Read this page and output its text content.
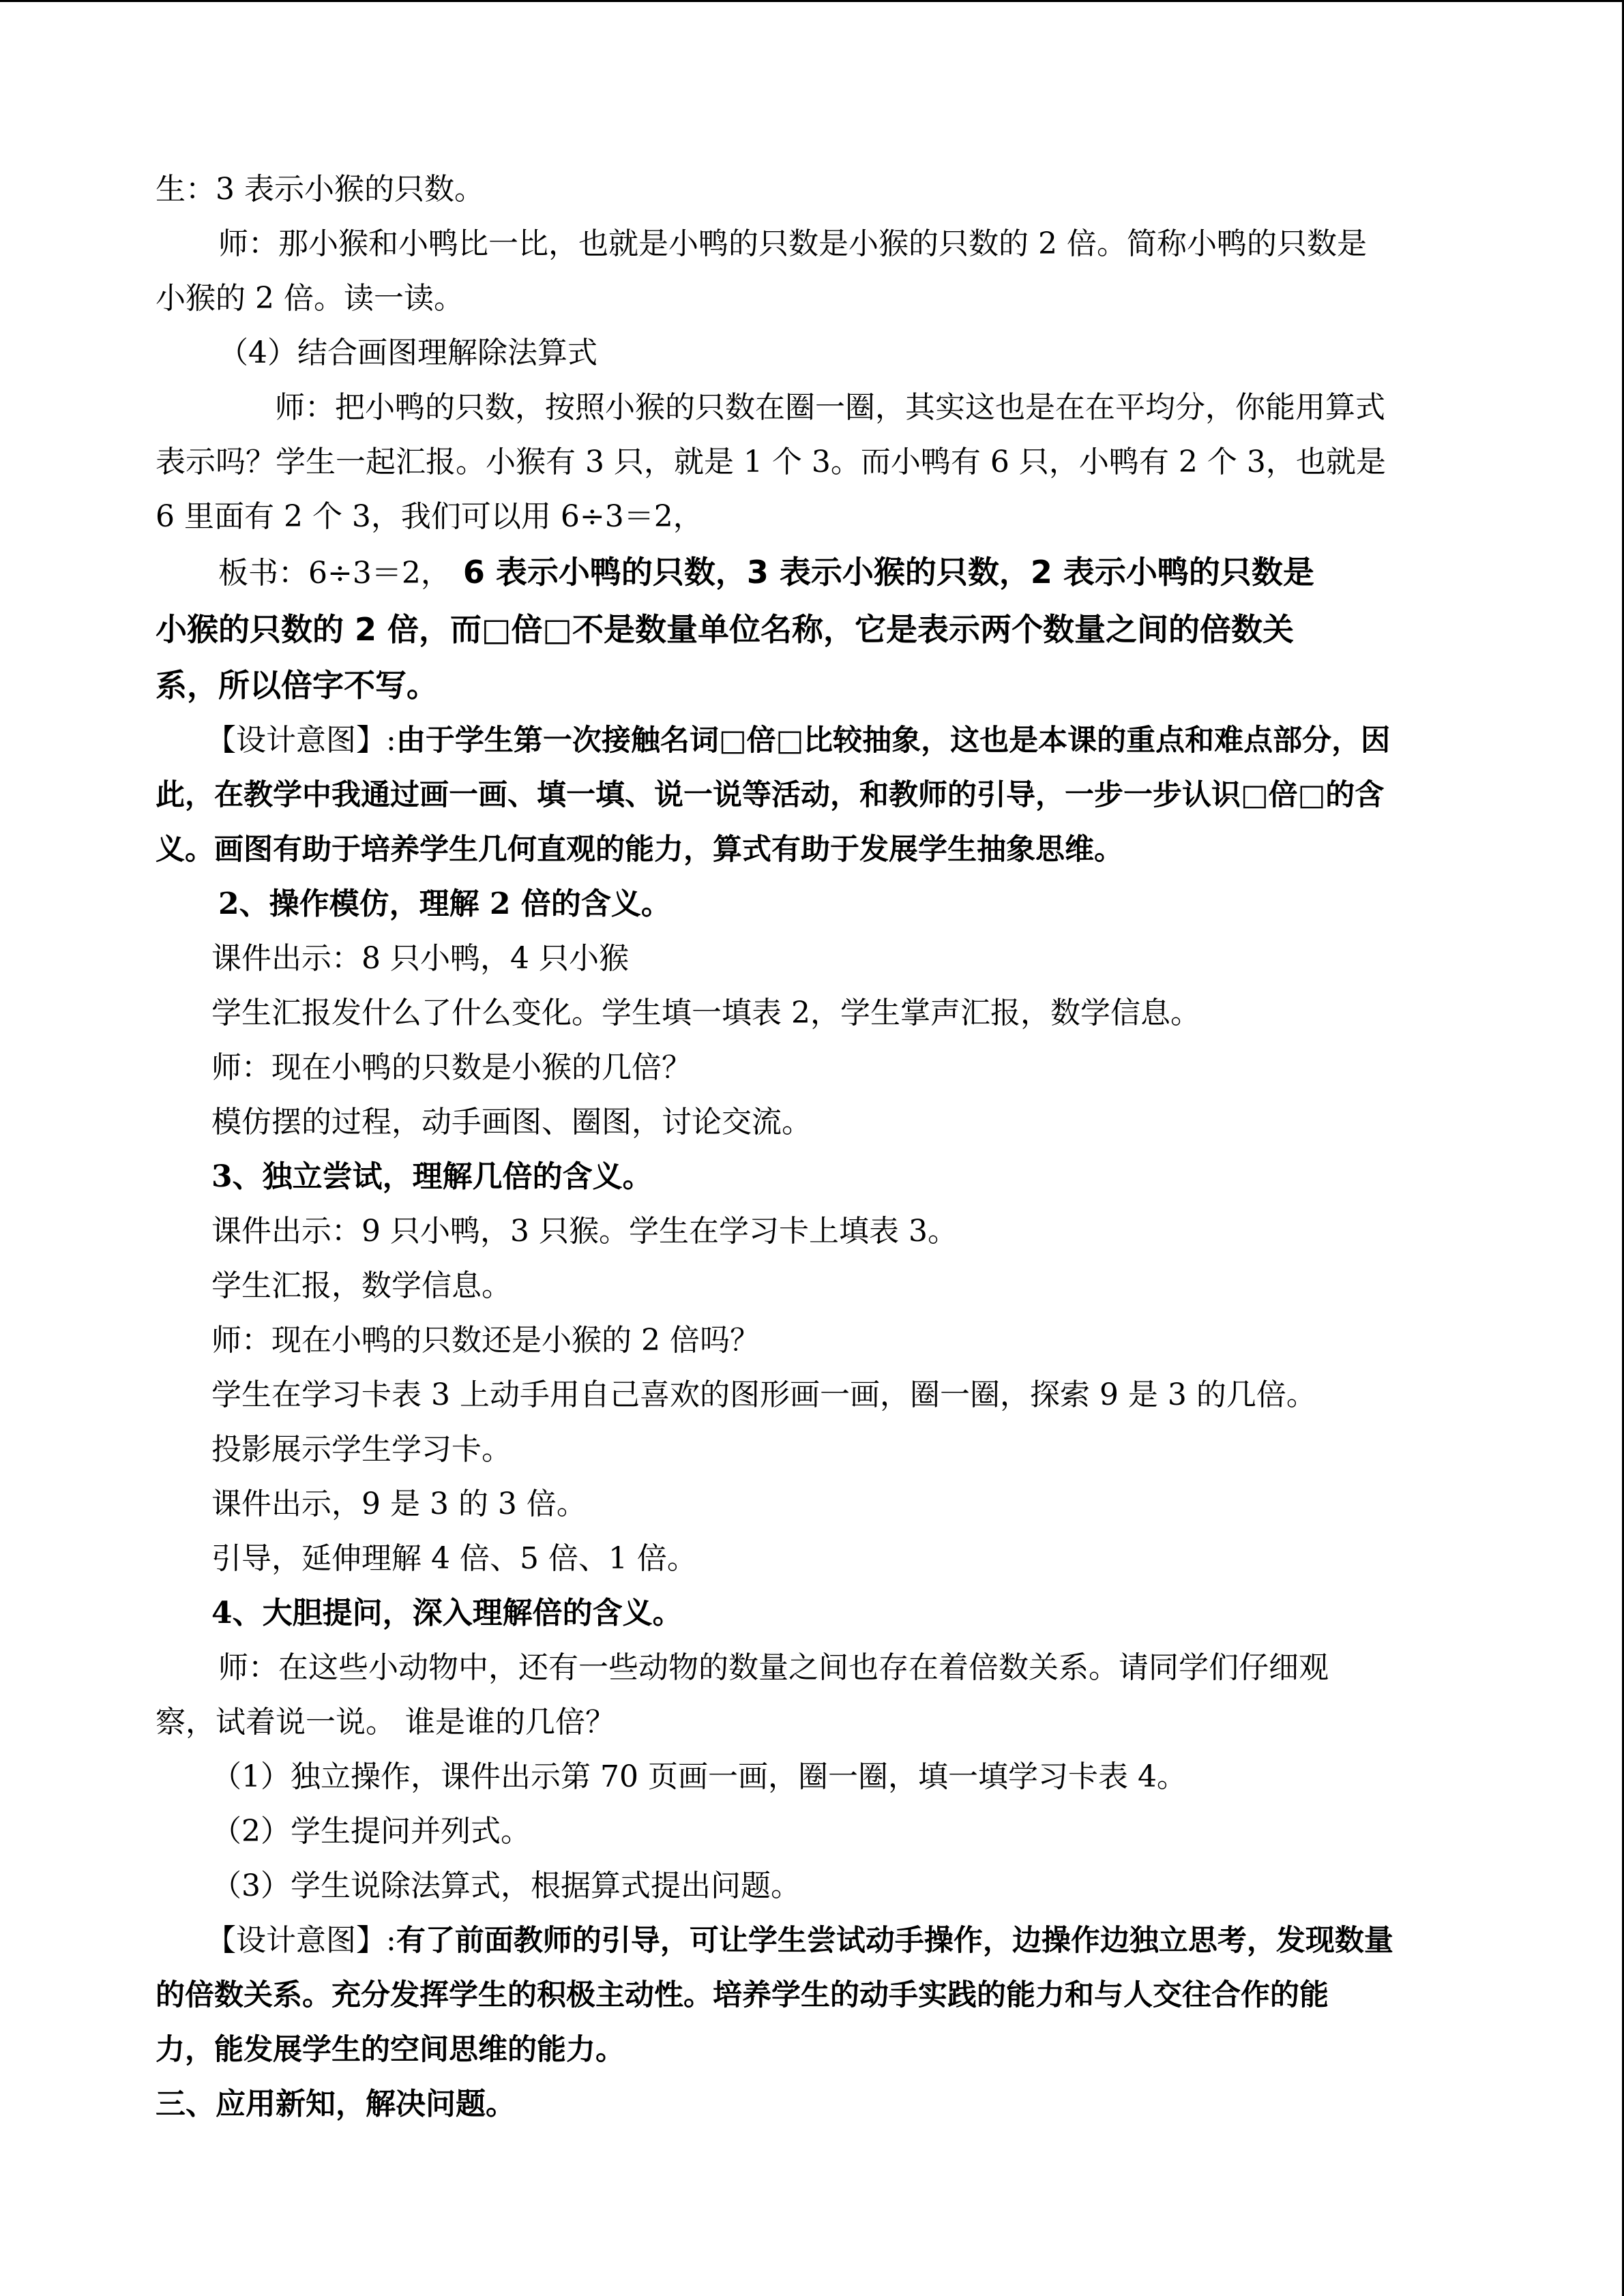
生：3 表示小猴的只数。
师：那小猴和小鸭比一比，也就是小鸭的只数是小猴的只数的 2 倍。简称小鸭的只数是
小猴的 2 倍。读一读。
（4）结合画图理解除法算式
师：把小鸭的只数，按照小猴的只数在圈一圈，其实这也是在在平均分，你能用算式
表示吗？学生一起汇报。小猴有 3 只，就是 1 个 3。而小鸭有 6 只，小鸭有 2 个 3，也就是
6 里面有 2 个 3，我们可以用 6÷3＝2，
板书：6÷3＝2， 6 表示小鸭的只数，3 表示小猴的只数，2 表示小鸭的只数是
小猴的只数的 2 倍，而□倍□不是数量单位名称，它是表示两个数量之间的倍数关
系，所以倍字不写。
【设计意图】:由于学生第一次接触名词□倍□比较抽象，这也是本课的重点和难点部分，因
此，在教学中我通过画一画、填一填、说一说等活动，和教师的引导，一步一步认识□倍□的含
义。画图有助于培养学生几何直观的能力，算式有助于发展学生抽象思维。
2、操作模仿，理解 2 倍的含义。
课件出示：8 只小鸭，4 只小猴
学生汇报发什么了什么变化。学生填一填表 2，学生掌声汇报，数学信息。
师：现在小鸭的只数是小猴的几倍？
模仿摆的过程，动手画图、圈图，讨论交流。
3、独立尝试，理解几倍的含义。
课件出示：9 只小鸭，3 只猴。学生在学习卡上填表 3。
学生汇报，数学信息。
师：现在小鸭的只数还是小猴的 2 倍吗？
学生在学习卡表 3 上动手用自己喜欢的图形画一画，圈一圈，探索 9 是 3 的几倍。
投影展示学生学习卡。
课件出示，9 是 3 的 3 倍。
引导，延伸理解 4 倍、5 倍、1 倍。
4、大胆提问，深入理解倍的含义。
师：在这些小动物中，还有一些动物的数量之间也存在着倍数关系。请同学们仔细观
察，试着说一说。 谁是谁的几倍？
（1）独立操作，课件出示第 70 页画一画，圈一圈，填一填学习卡表 4。
（2）学生提问并列式。
（3）学生说除法算式，根据算式提出问题。
【设计意图】:有了前面教师的引导，可让学生尝试动手操作，边操作边独立思考，发现数量
的倍数关系。充分发挥学生的积极主动性。培养学生的动手实践的能力和与人交往合作的能
力，能发展学生的空间思维的能力。
三、应用新知，解决问题。
